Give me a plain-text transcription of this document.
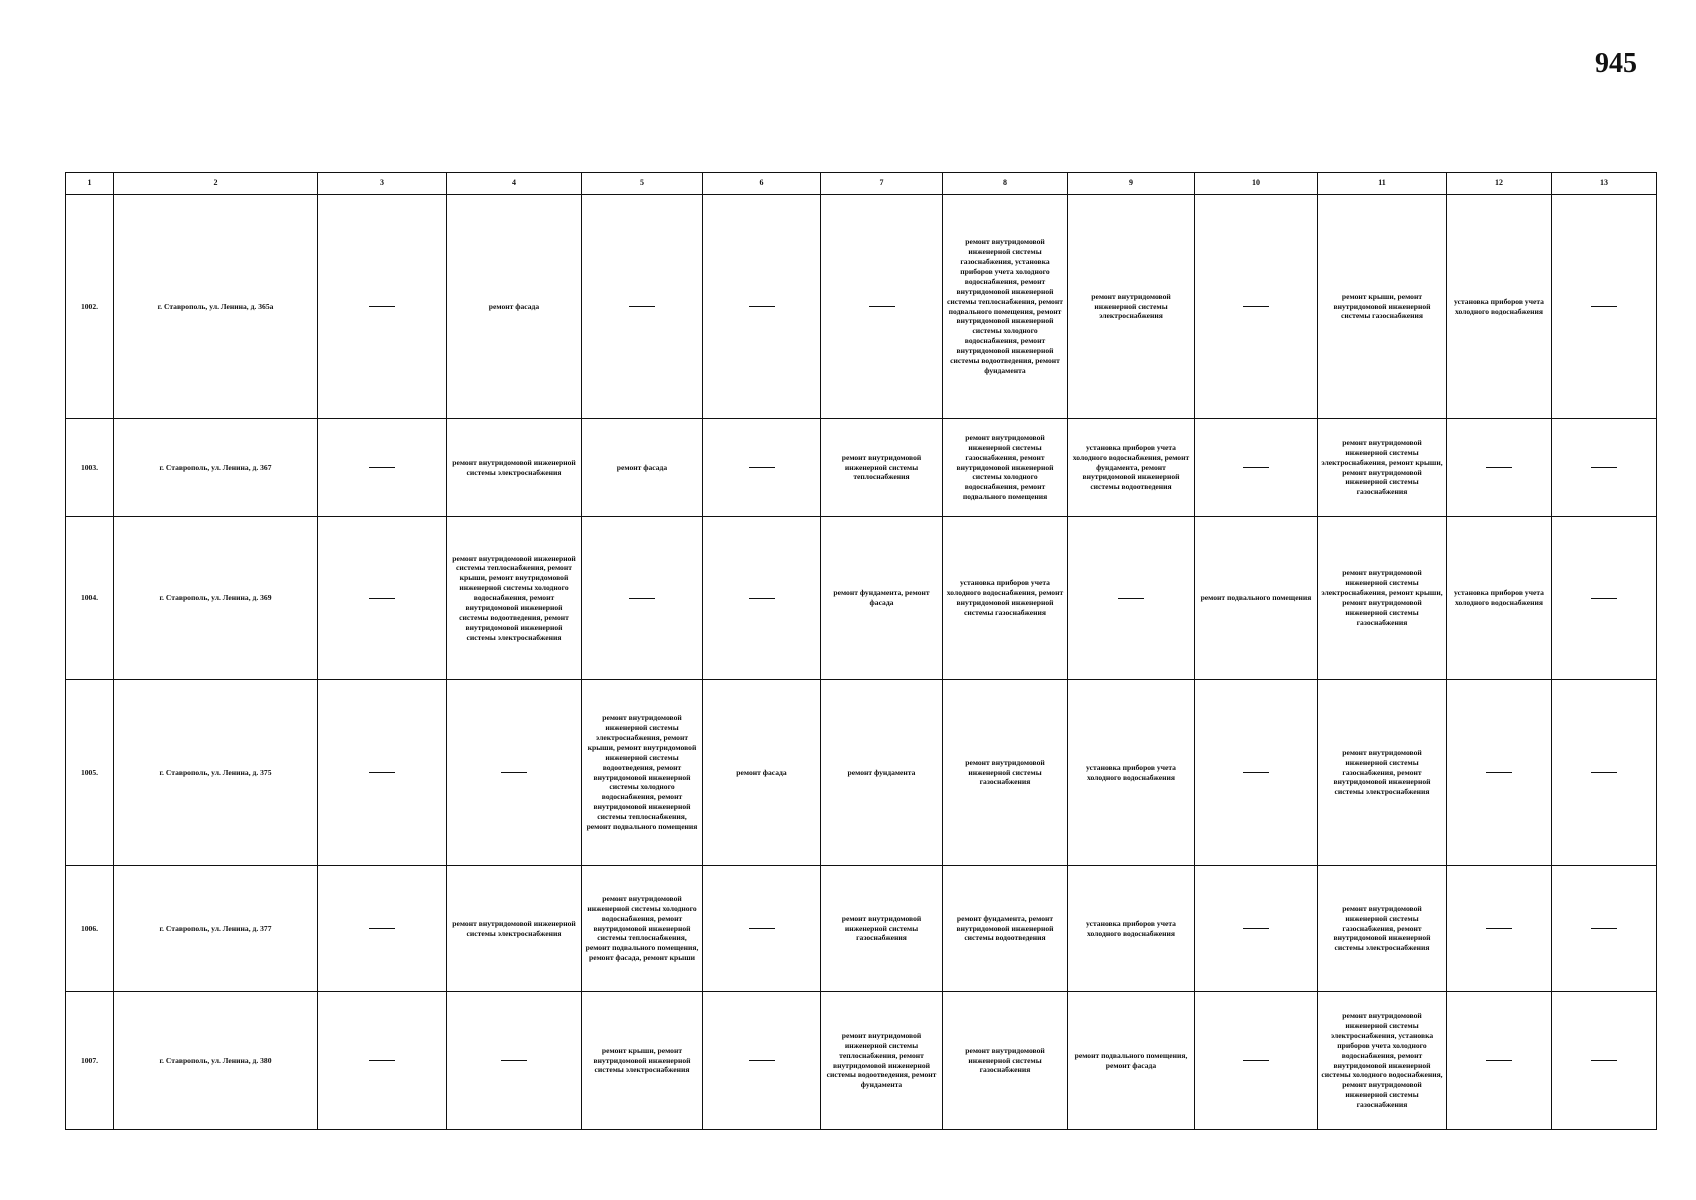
945
1	2	3	4	5	6	7	8	9	10	11	12	13
1002.	г. Ставрополь, ул. Ленина, д. 365а		ремонт фасада				ремонт внутридомовой инженерной системы газоснабжения, установка приборов учета холодного водоснабжения, ремонт внутридомовой инженерной системы теплоснабжения, ремонт подвального помещения, ремонт внутридомовой инженерной системы холодного водоснабжения, ремонт внутридомовой инженерной системы водоотведения, ремонт фундамента	ремонт внутридомовой инженерной системы электроснабжения		ремонт крыши, ремонт внутридомовой инженерной системы газоснабжения	установка приборов учета холодного водоснабжения	
1003.	г. Ставрополь, ул. Ленина, д. 367		ремонт внутридомовой инженерной системы электроснабжения	ремонт фасада		ремонт внутридомовой инженерной системы теплоснабжения	ремонт внутридомовой инженерной системы газоснабжения, ремонт внутридомовой инженерной системы холодного водоснабжения, ремонт подвального помещения	установка приборов учета холодного водоснабжения, ремонт фундамента, ремонт внутридомовой инженерной системы водоотведения		ремонт внутридомовой инженерной системы электроснабжения, ремонт крыши, ремонт внутридомовой инженерной системы газоснабжения		
1004.	г. Ставрополь, ул. Ленина, д. 369		ремонт внутридомовой инженерной системы теплоснабжения, ремонт крыши, ремонт внутридомовой инженерной системы холодного водоснабжения, ремонт внутридомовой инженерной системы водоотведения, ремонт внутридомовой инженерной системы электроснабжения			ремонт фундамента, ремонт фасада	установка приборов учета холодного водоснабжения, ремонт внутридомовой инженерной системы газоснабжения		ремонт подвального помещения	ремонт внутридомовой инженерной системы электроснабжения, ремонт крыши, ремонт внутридомовой инженерной системы газоснабжения	установка приборов учета холодного водоснабжения	
1005.	г. Ставрополь, ул. Ленина, д. 375			ремонт внутридомовой инженерной системы электроснабжения, ремонт крыши, ремонт внутридомовой инженерной системы водоотведения, ремонт внутридомовой инженерной системы холодного водоснабжения, ремонт внутридомовой инженерной системы теплоснабжения, ремонт подвального помещения	ремонт фасада	ремонт фундамента	ремонт внутридомовой инженерной системы газоснабжения	установка приборов учета холодного водоснабжения		ремонт внутридомовой инженерной системы газоснабжения, ремонт внутридомовой инженерной системы электроснабжения		
1006.	г. Ставрополь, ул. Ленина, д. 377		ремонт внутридомовой инженерной системы электроснабжения	ремонт внутридомовой инженерной системы холодного водоснабжения, ремонт внутридомовой инженерной системы теплоснабжения, ремонт подвального помещения, ремонт фасада, ремонт крыши		ремонт внутридомовой инженерной системы газоснабжения	ремонт фундамента, ремонт внутридомовой инженерной системы водоотведения	установка приборов учета холодного водоснабжения		ремонт внутридомовой инженерной системы газоснабжения, ремонт внутридомовой инженерной системы электроснабжения		
1007.	г. Ставрополь, ул. Ленина, д. 380			ремонт крыши, ремонт внутридомовой инженерной системы электроснабжения		ремонт внутридомовой инженерной системы теплоснабжения, ремонт внутридомовой инженерной системы водоотведения, ремонт фундамента	ремонт внутридомовой инженерной системы газоснабжения	ремонт подвального помещения, ремонт фасада		ремонт внутридомовой инженерной системы электроснабжения, установка приборов учета холодного водоснабжения, ремонт внутридомовой инженерной системы холодного водоснабжения, ремонт внутридомовой инженерной системы газоснабжения		
